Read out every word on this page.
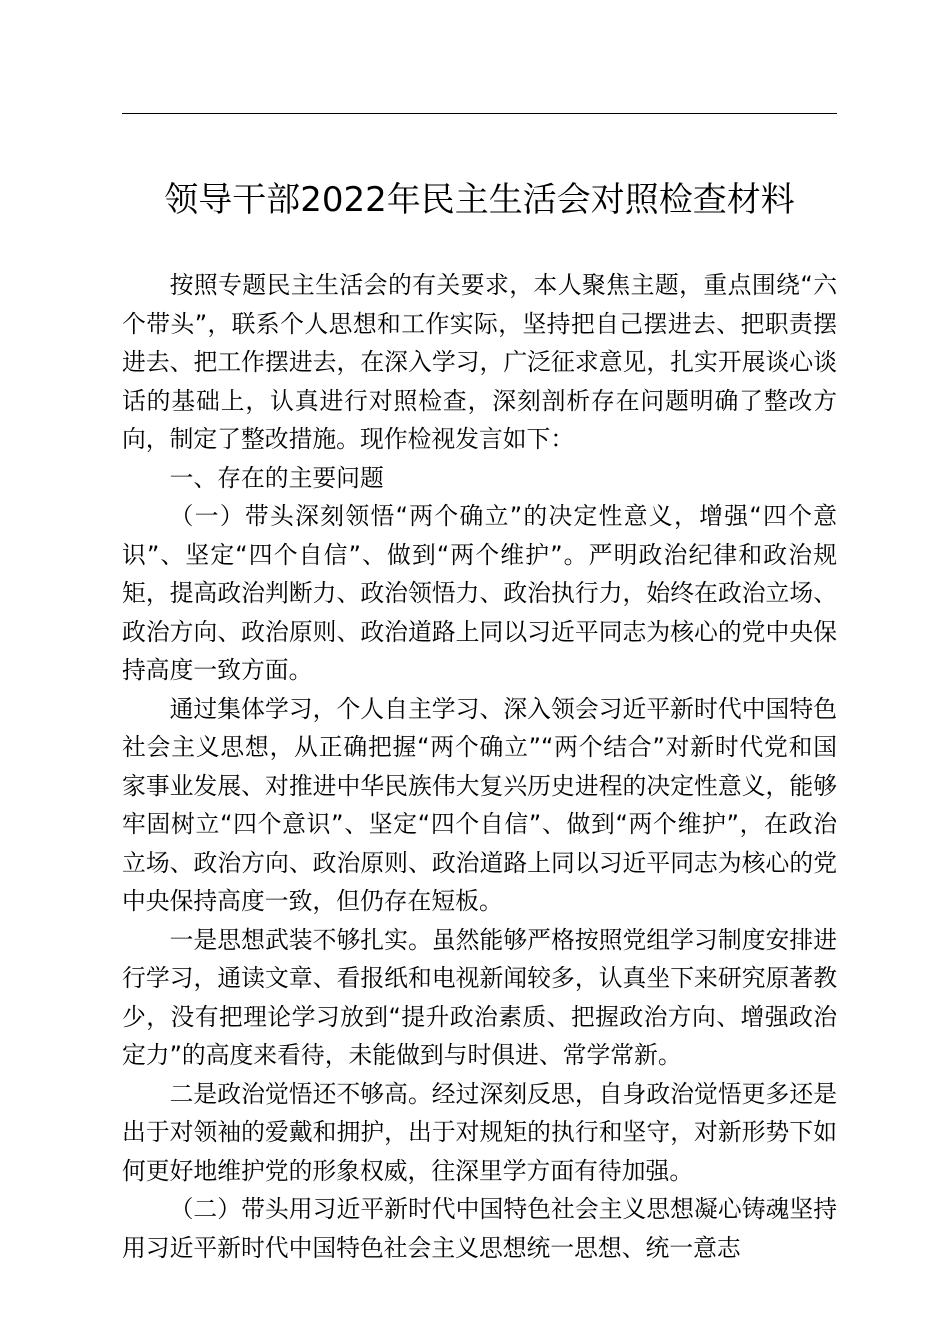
领导干部2022年民主生活会对照检查材料

按照专题民主生活会的有关要求，本人聚焦主题，重点围绕“六个带头”，联系个人思想和工作实际，坚持把自己摆进去、把职责摆进去、把工作摆进去，在深入学习，广泛征求意见，扎实开展谈心谈话的基础上，认真进行对照检查，深刻剖析存在问题明确了整改方向，制定了整改措施。现作检视发言如下：

一、存在的主要问题

（一）带头深刻领悟“两个确立”的决定性意义，增强“四个意识”、坚定“四个自信”、做到“两个维护”。严明政治纪律和政治规矩，提高政治判断力、政治领悟力、政治执行力，始终在政治立场、政治方向、政治原则、政治道路上同以习近平同志为核心的党中央保持高度一致方面。

通过集体学习，个人自主学习、深入领会习近平新时代中国特色社会主义思想，从正确把握“两个确立”“两个结合”对新时代党和国家事业发展、对推进中华民族伟大复兴历史进程的决定性意义，能够牢固树立“四个意识”、坚定“四个自信”、做到“两个维护”，在政治立场、政治方向、政治原则、政治道路上同以习近平同志为核心的党中央保持高度一致，但仍存在短板。

一是思想武装不够扎实。虽然能够严格按照党组学习制度安排进行学习，通读文章、看报纸和电视新闻较多，认真坐下来研究原著教少，没有把理论学习放到“提升政治素质、把握政治方向、增强政治定力”的高度来看待，未能做到与时俱进、常学常新。

二是政治觉悟还不够高。经过深刻反思，自身政治觉悟更多还是出于对领袖的爱戴和拥护，出于对规矩的执行和坚守，对新形势下如何更好地维护党的形象权威，往深里学方面有待加强。

（二）带头用习近平新时代中国特色社会主义思想凝心铸魂坚持用习近平新时代中国特色社会主义思想统一思想、统一意志
